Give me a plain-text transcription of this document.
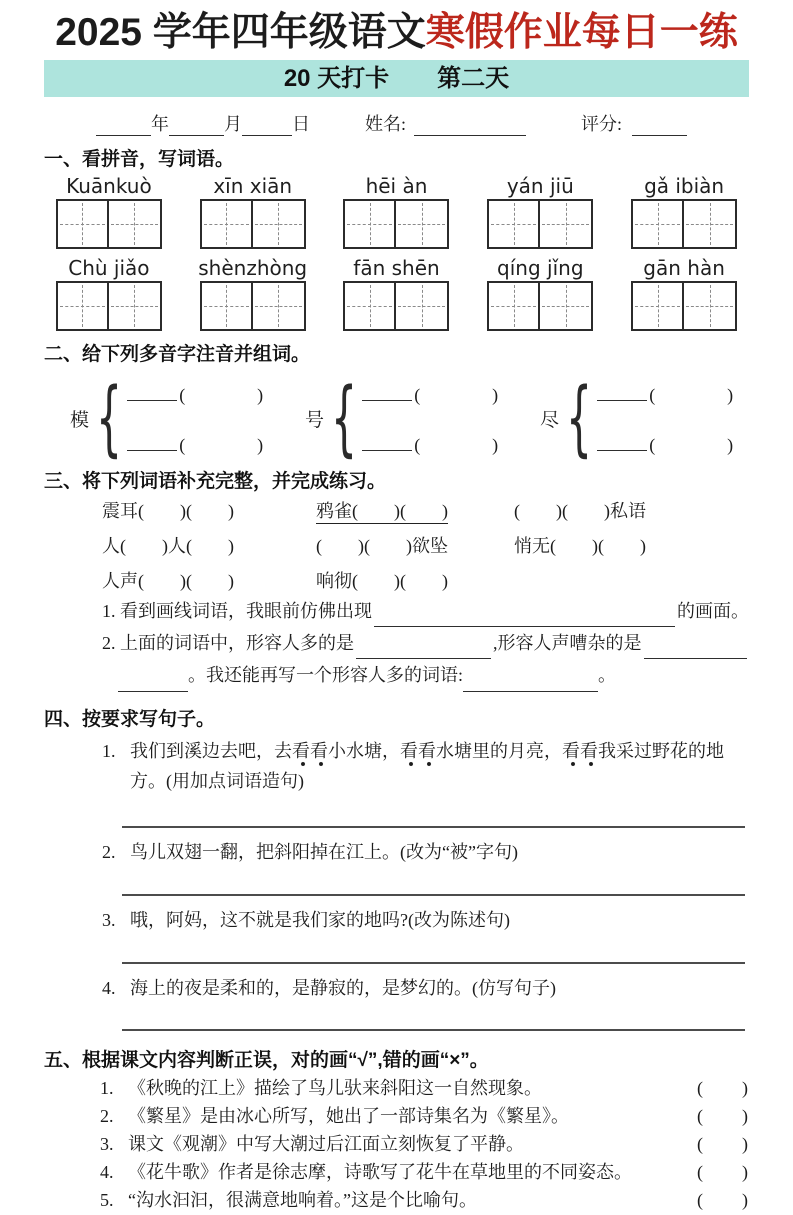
2025 学年四年级语文寒假作业每日一练
20 天打卡　　第二天
年	月	日	姓名:	评分:
一、看拼音，写词语。
Kuānkuò	xīn xiān	hēi àn	yán jiū	gǎ ibiàn
Chù jiǎo	shènzhòng	fān shēn	qíng jǐng	gān hàn
二、给下列多音字注音并组词。
模 {	(　　　　)
(　　　　)
号 {	(　　　　)
(　　　　)
尽 {	(　　　　)
(　　　　)
三、将下列词语补充完整，并完成练习。
震耳(　　)(　　)	鸦雀(　　)(　　)	(　　)(　　)私语
人(　　)人(　　)	(　　)(　　)欲坠	悄无(　　)(　　)
人声(　　)(　　)	响彻(　　)(　　)
1. 看到画线词语，我眼前仿佛出现	的画面。
2. 上面的词语中，形容人多的是	,形容人声嘈杂的是
。我还能再写一个形容人多的词语:	。
四、按要求写句子。
1. 我们到溪边去吧，去看看小水塘，看看水塘里的月亮，看看我采过野花的地方。(用加点词语造句)
2. 鸟儿双翅一翻，把斜阳掉在江上。(改为“被”字句)
3. 哦，阿妈，这不就是我们家的地吗?(改为陈述句)
4. 海上的夜是柔和的，是静寂的，是梦幻的。(仿写句子)
五、根据课文内容判断正误，对的画“√”,错的画“×”。
1. 《秋晚的江上》描绘了鸟儿驮来斜阳这一自然现象。	(　　)
2. 《繁星》是由冰心所写，她出了一部诗集名为《繁星》。	(　　)
3. 课文《观潮》中写大潮过后江面立刻恢复了平静。	(　　)
4. 《花牛歌》作者是徐志摩，诗歌写了花牛在草地里的不同姿态。	(　　)
5. “沟水汩汩，很满意地响着。”这是个比喻句。	(　　)
